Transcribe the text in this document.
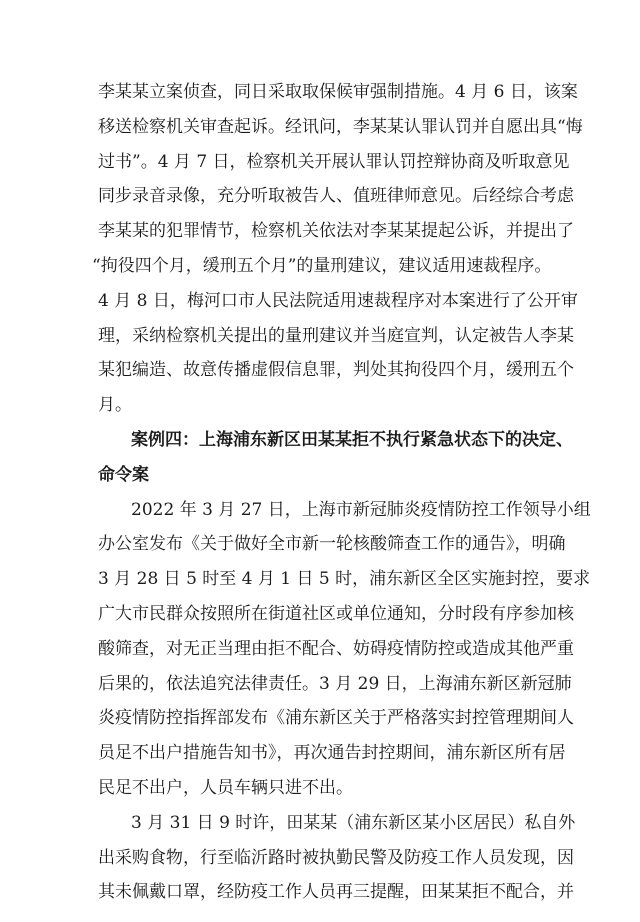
李某某立案侦查，同日采取取保候审强制措施。4 月 6 日，该案
移送检察机关审查起诉。经讯问，李某某认罪认罚并自愿出具“悔
过书”。4 月 7 日，检察机关开展认罪认罚控辩协商及听取意见
同步录音录像，充分听取被告人、值班律师意见。后经综合考虑
李某某的犯罪情节，检察机关依法对李某某提起公诉，并提出了
“拘役四个月，缓刑五个月”的量刑建议，建议适用速裁程序。
4 月 8 日，梅河口市人民法院适用速裁程序对本案进行了公开审
理，采纳检察机关提出的量刑建议并当庭宣判，认定被告人李某
某犯编造、故意传播虚假信息罪，判处其拘役四个月，缓刑五个
月。
案例四：上海浦东新区田某某拒不执行紧急状态下的决定、
命令案
2022 年 3 月 27 日，上海市新冠肺炎疫情防控工作领导小组
办公室发布《关于做好全市新一轮核酸筛查工作的通告》，明确
3 月 28 日 5 时至 4 月 1 日 5 时，浦东新区全区实施封控，要求
广大市民群众按照所在街道社区或单位通知，分时段有序参加核
酸筛查，对无正当理由拒不配合、妨碍疫情防控或造成其他严重
后果的，依法追究法律责任。3 月 29 日，上海浦东新区新冠肺
炎疫情防控指挥部发布《浦东新区关于严格落实封控管理期间人
员足不出户措施告知书》，再次通告封控期间，浦东新区所有居
民足不出户，人员车辆只进不出。
3 月 31 日 9 时许，田某某（浦东新区某小区居民）私自外
出采购食物，行至临沂路时被执勤民警及防疫工作人员发现，因
其未佩戴口罩，经防疫工作人员再三提醒，田某某拒不配合，并
